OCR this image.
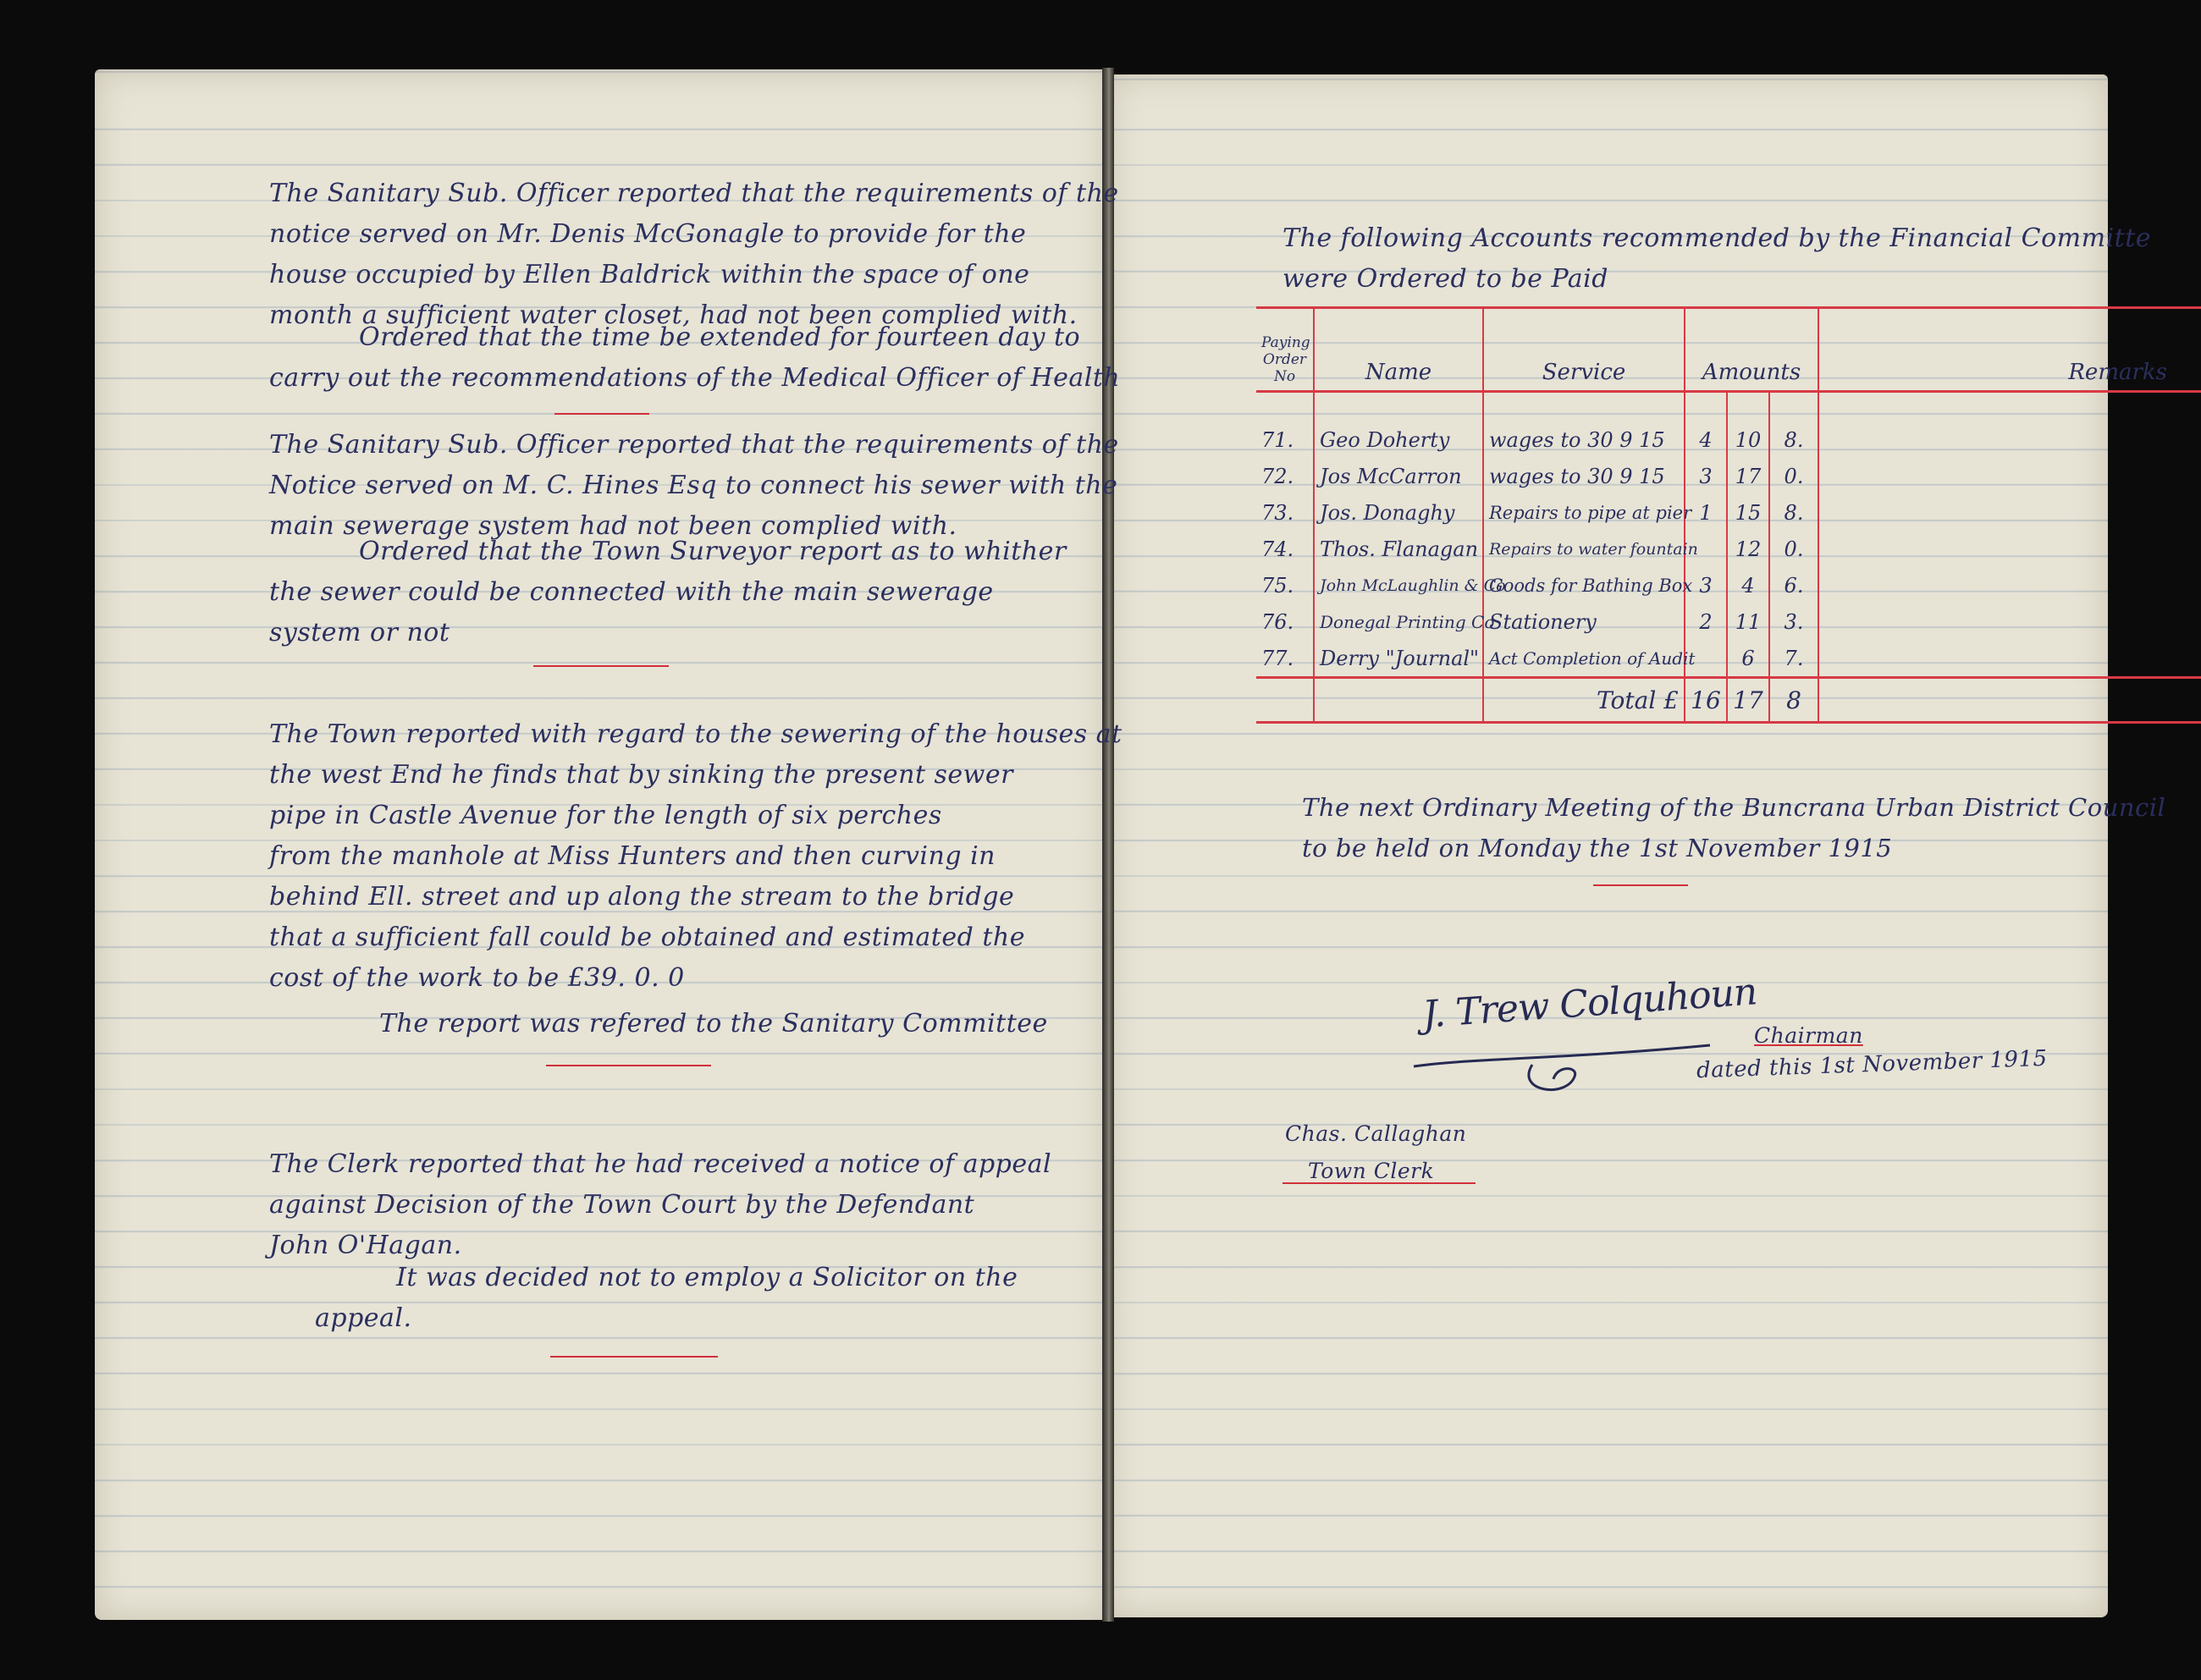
The Sanitary Sub. Officer reported that the requirements of the
notice served on Mr. Denis McGonagle to provide for the
house occupied by Ellen Baldrick within the space of one
month a sufficient water closet, had not been complied with.

Ordered that the time be extended for fourteen day to
carry out the recommendations of the Medical Officer of Health

The Sanitary Sub. Officer reported that the requirements of the
Notice served on M. C. Hines Esq to connect his sewer with the
main sewerage system had not been complied with.

Ordered that the Town Surveyor report as to whither
the sewer could be connected with the main sewerage
system or not

The Town reported with regard to the sewering of the houses at
the west End he finds that by sinking the present sewer
pipe in Castle Avenue for the length of six perches
from the manhole at Miss Hunters and then curving in
behind Ell. street and up along the stream to the bridge
that a sufficient fall could be obtained and estimated the
cost of the work to be £39. 0. 0

The report was refered to the Sanitary Committee

The Clerk reported that he had received a notice of appeal
against Decision of the Town Court by the Defendant
John O'Hagan.

It was decided not to employ a Solicitor on the
appeal.

The following Accounts recommended by the Financial Committe
were Ordered to be Paid

Paying Order No	Name	Service	Amounts			Remarks

71.	Geo Doherty	wages to 30 9 15	4	10	8.	
72.	Jos McCarron	wages to 30 9 15	3	17	0.	
73.	Jos. Donaghy	Repairs to pipe at pier	1	15	8.	
74.	Thos. Flanagan	Repairs to water fountain		12	0.	
75.	John McLaughlin & Co	Goods for Bathing Box	3	4	6.	
76.	Donegal Printing Co	Stationery	2	11	3.	
77.	Derry "Journal"	Act Completion of Audit		6	7.	
		Total £	16	17	8	

The next Ordinary Meeting of the Buncrana Urban District Council
to be held on Monday the 1st November 1915

J. Trew Colquhoun

Chairman

dated this 1st November 1915

Chas. Callaghan

Town Clerk
